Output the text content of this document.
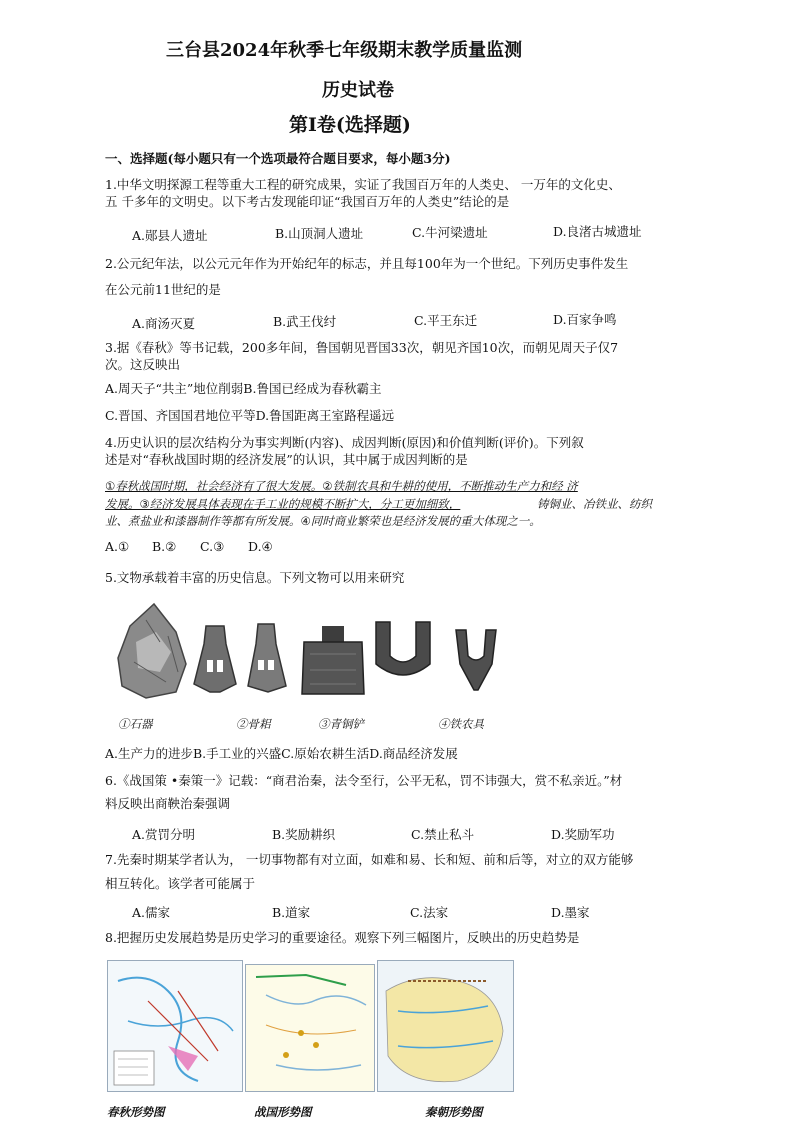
三台县2024年秋季七年级期末教学质量监测
历史试卷
第Ⅰ卷(选择题)
一、选择题(每小题只有一个选项最符合题目要求，每小题3分)
1.中华文明探源工程等重大工程的研究成果，实证了我国百万年的人类史、 一万年的文化史、
五 千多年的文明史。以下考古发现能印证“我国百万年的人类史”结论的是
A.郧县人遗址	B.山顶洞人遗址	C.牛河梁遗址	D.良渚古城遗址
2.公元纪年法，以公元元年作为开始纪年的标志，并且每100年为一个世纪。下列历史事件发生
在公元前11世纪的是
A.商汤灭夏	B.武王伐纣	C.平王东迁	D.百家争鸣
3.据《春秋》等书记载，200多年间，鲁国朝见晋国33次，朝见齐国10次，而朝见周天子仅7
次。这反映出
A.周天子“共主”地位削弱B.鲁国已经成为春秋霸主
C.晋国、齐国国君地位平等D.鲁国距离王室路程遥远
4.历史认识的层次结构分为事实判断(内容)、成因判断(原因)和价值判断(评价)。下列叙
述是对“春秋战国时期的经济发展”的认识，其中属于成因判断的是
①春秋战国时期，社会经济有了很大发展。②铁制农具和牛耕的使用，不断推动生产力和经 济
发展。③经济发展具体表现在手工业的规模不断扩大，分工更加细致，	铸铜业、冶铁业、纺织
业、煮盐业和漆器制作等都有所发展。④同时商业繁荣也是经济发展的重大体现之一。
A.① B.② C.③ D.④
5.文物承载着丰富的历史信息。下列文物可以用来研究
①石器	②骨耜	③青铜铲	④铁农具
A.生产力的进步B.手工业的兴盛C.原始农耕生活D.商品经济发展
6.《战国策 •秦策一》记载：“商君治秦，法令至行，公平无私，罚不讳强大，赏不私亲近。”材
料反映出商鞅治秦强调
A.赏罚分明	B.奖励耕织	C.禁止私斗	D.奖励军功
7.先秦时期某学者认为， 一切事物都有对立面，如难和易、长和短、前和后等，对立的双方能够
相互转化。该学者可能属于
A.儒家	B.道家	C.法家	D.墨家
8.把握历史发展趋势是历史学习的重要途径。观察下列三幅图片，反映出的历史趋势是
春秋形势图	战国形势图	秦朝形势图
